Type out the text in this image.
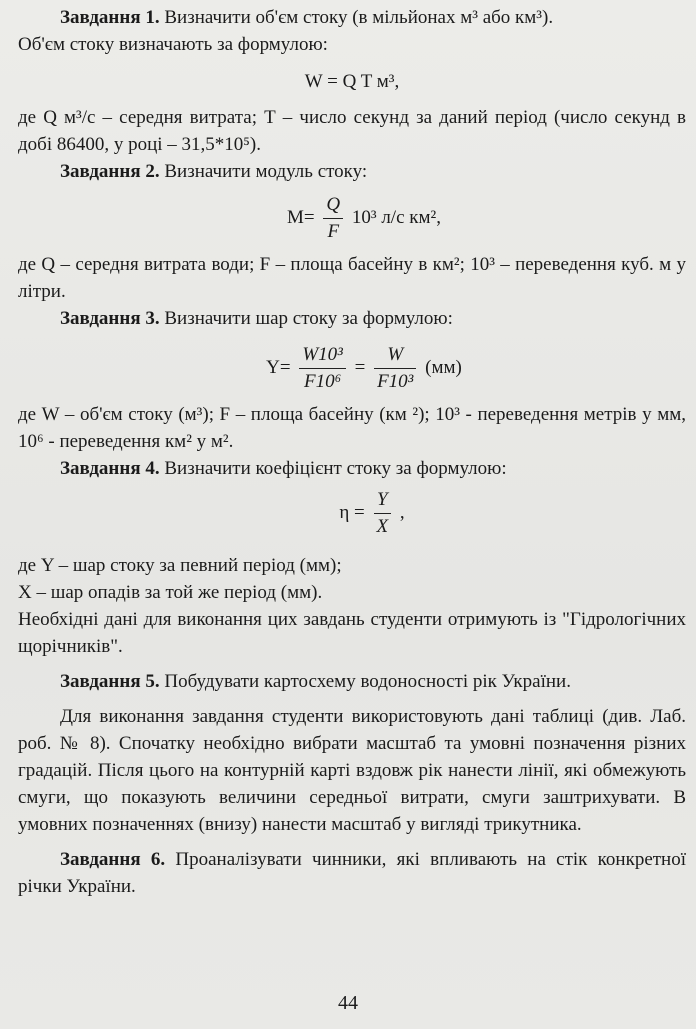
Завдання 1. Визначити об'єм стоку (в мільйонах м³ або км³).

Об'єм стоку визначають за формулою:

W = Q T м³,

де Q м³/с – середня витрата; Т – число секунд за даний період (число секунд в добі 86400, у році – 31,5*10⁵).

Завдання 2. Визначити модуль стоку:

$M= \frac{Q}{F} 10^3$ л/с км²,

де Q – середня витрата води; F – площа басейну в км²; 10³ – переведення куб. м у літри.

Завдання 3. Визначити шар стоку за формулою:

$Y= \frac{\text{W10³}}{\text{F10⁶}} = \frac{W}{\text{F10³}} (мм)$

де W – об'єм стоку (м³); F – площа басейну (км ²); 10³ - переведення метрів у мм, 10⁶ - переведення км² у м².

Завдання 4. Визначити коефіцієнт стоку за формулою:

$\eta = \frac{Y}{X}$ ,

де Y – шар стоку за певний період (мм);

X – шар опадів за той же період (мм).

Необхідні дані для виконання цих завдань студенти отримують із "Гідрологічних щорічників".

Завдання 5. Побудувати картосхему водоносності рік України.

Для виконання завдання студенти використовують дані таблиці (див. Лаб. роб. № 8). Спочатку необхідно вибрати масштаб та умовні позначення різних градацій. Після цього на контурній карті вздовж рік нанести лінії, які обмежують смуги, що показують величини середньої витрати, смуги заштрихувати. В умовних позначеннях (внизу) нанести масштаб у вигляді трикутника.

Завдання 6. Проаналізувати чинники, які впливають на стік конкретної річки України.

44
